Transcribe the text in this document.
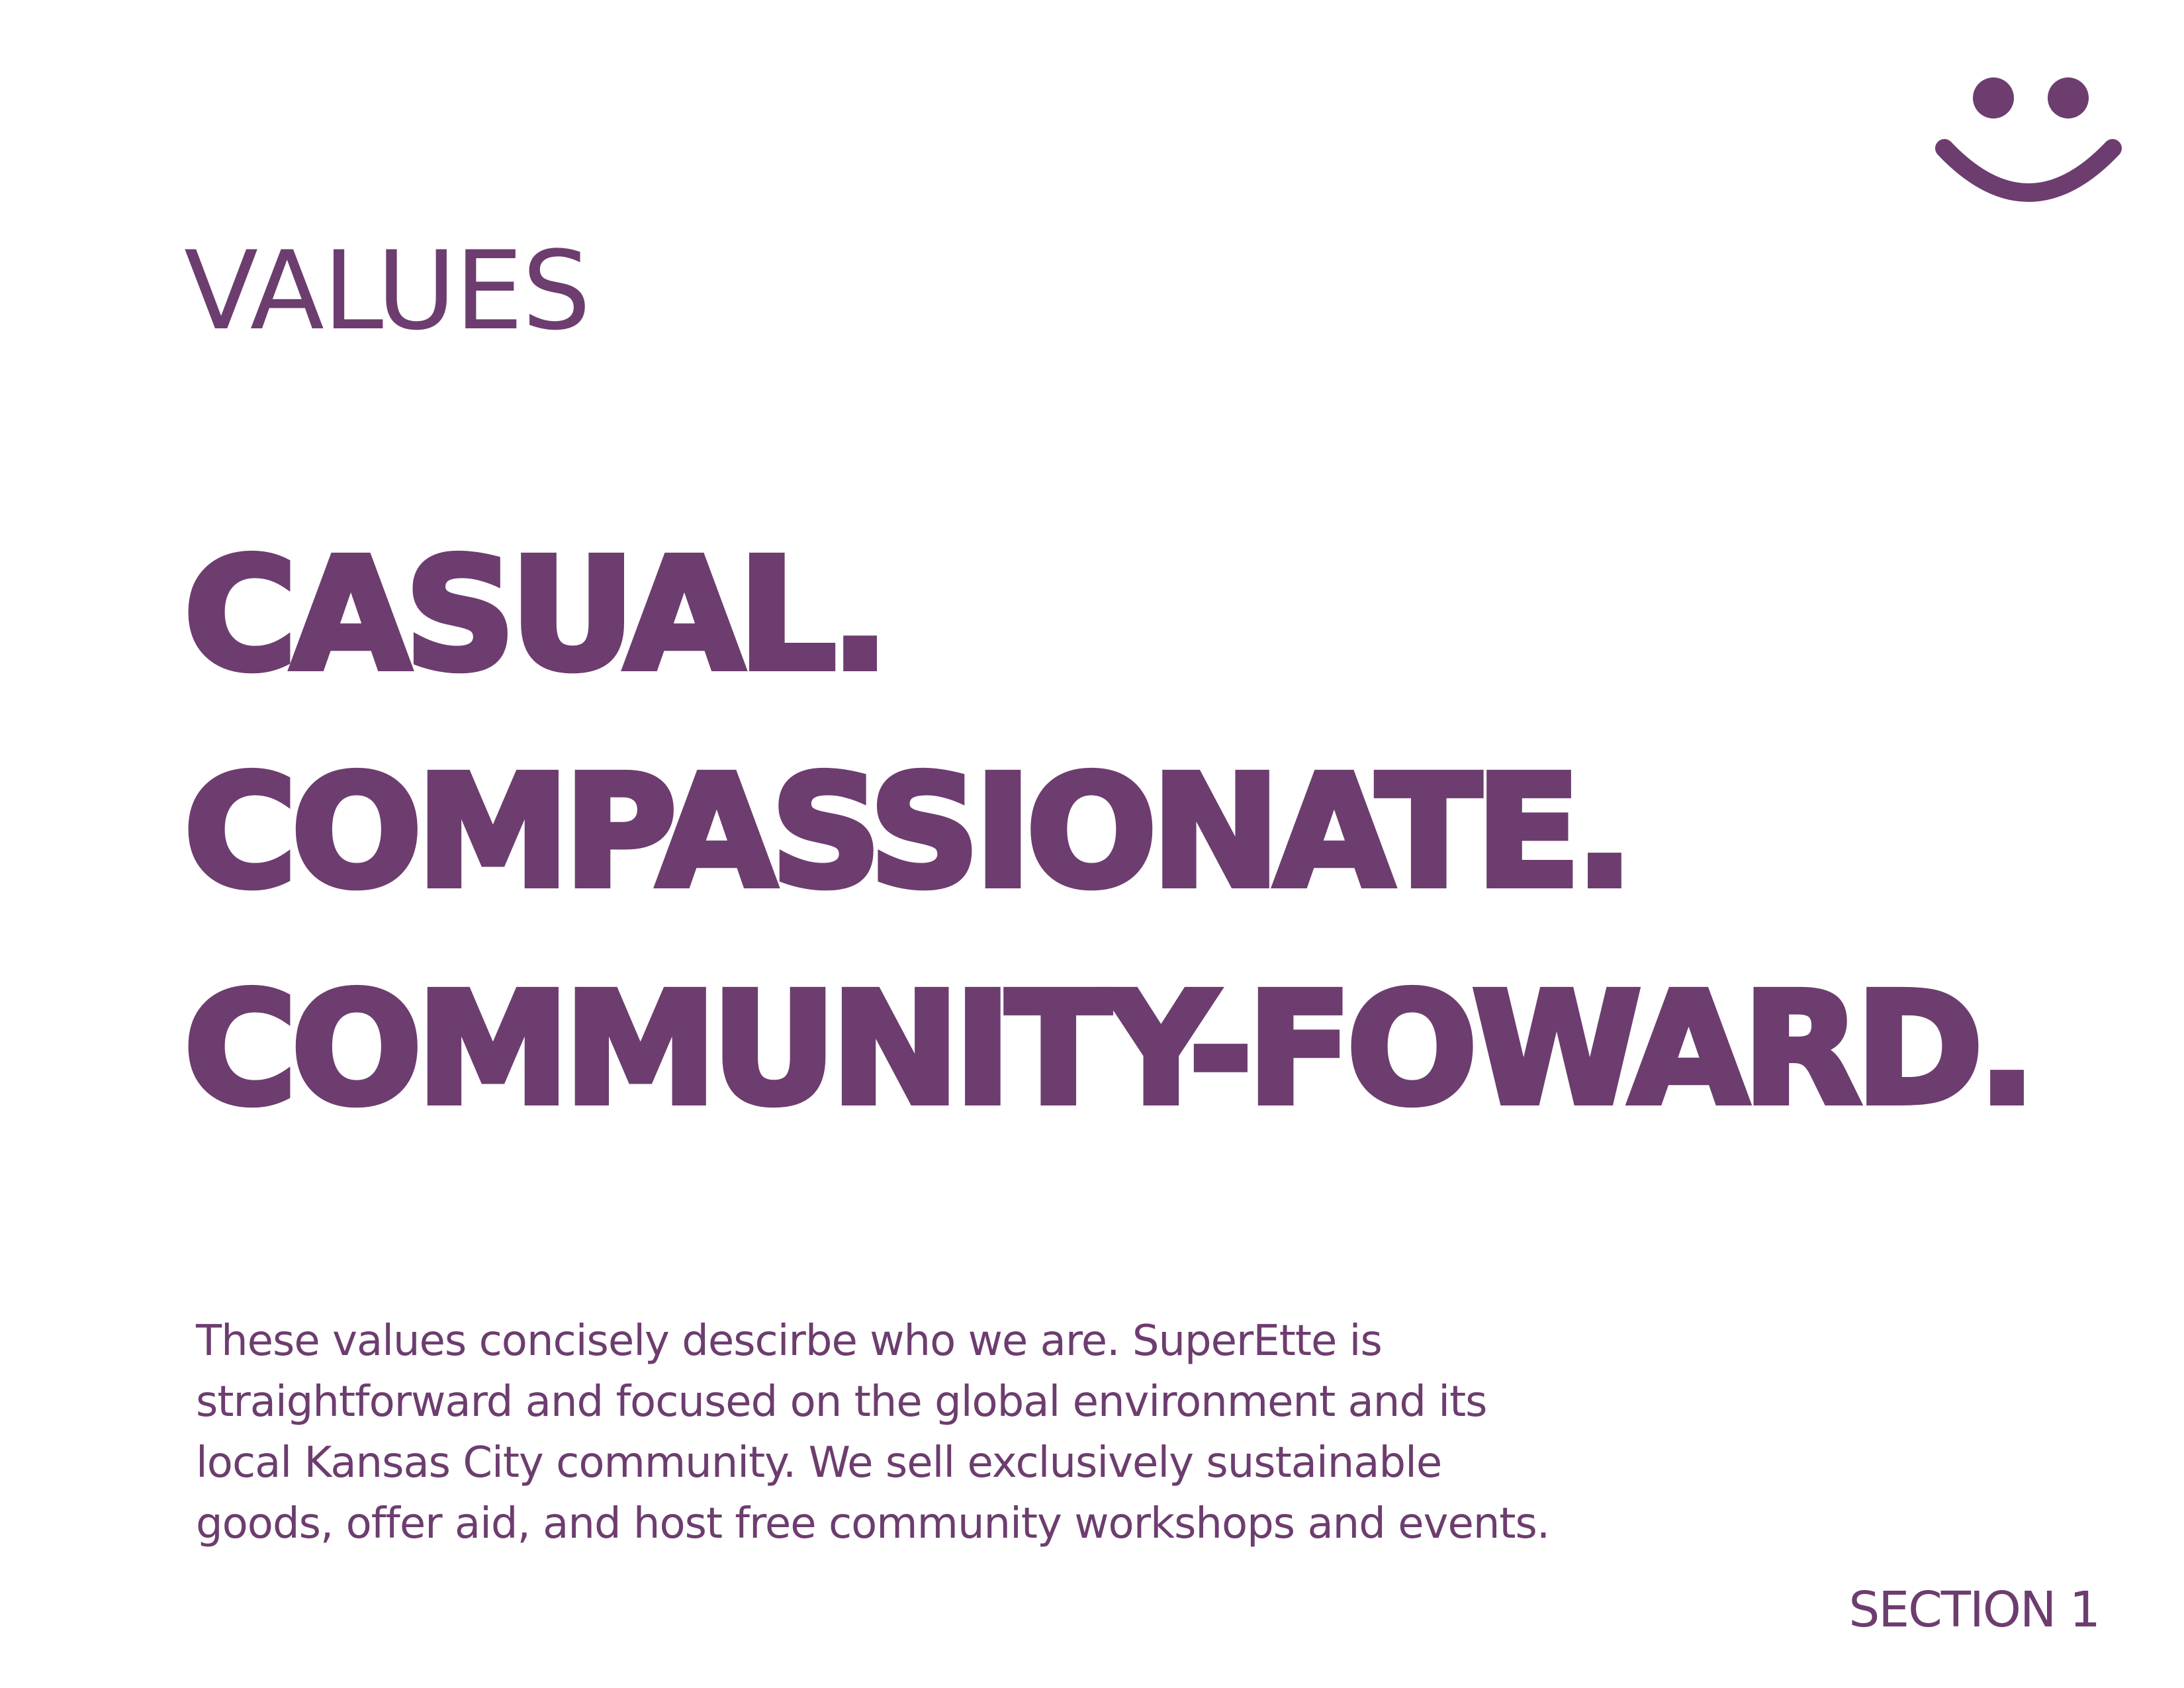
VALUES
CASUAL.
COMPASSIONATE.
COMMUNITY-FOWARD.

These values concisely descirbe who we are. SuperEtte is straightforward and focused on the global environment and its local Kansas City community. We sell exclusively sustainable goods, offer aid, and host free community workshops and events.

SECTION 1
